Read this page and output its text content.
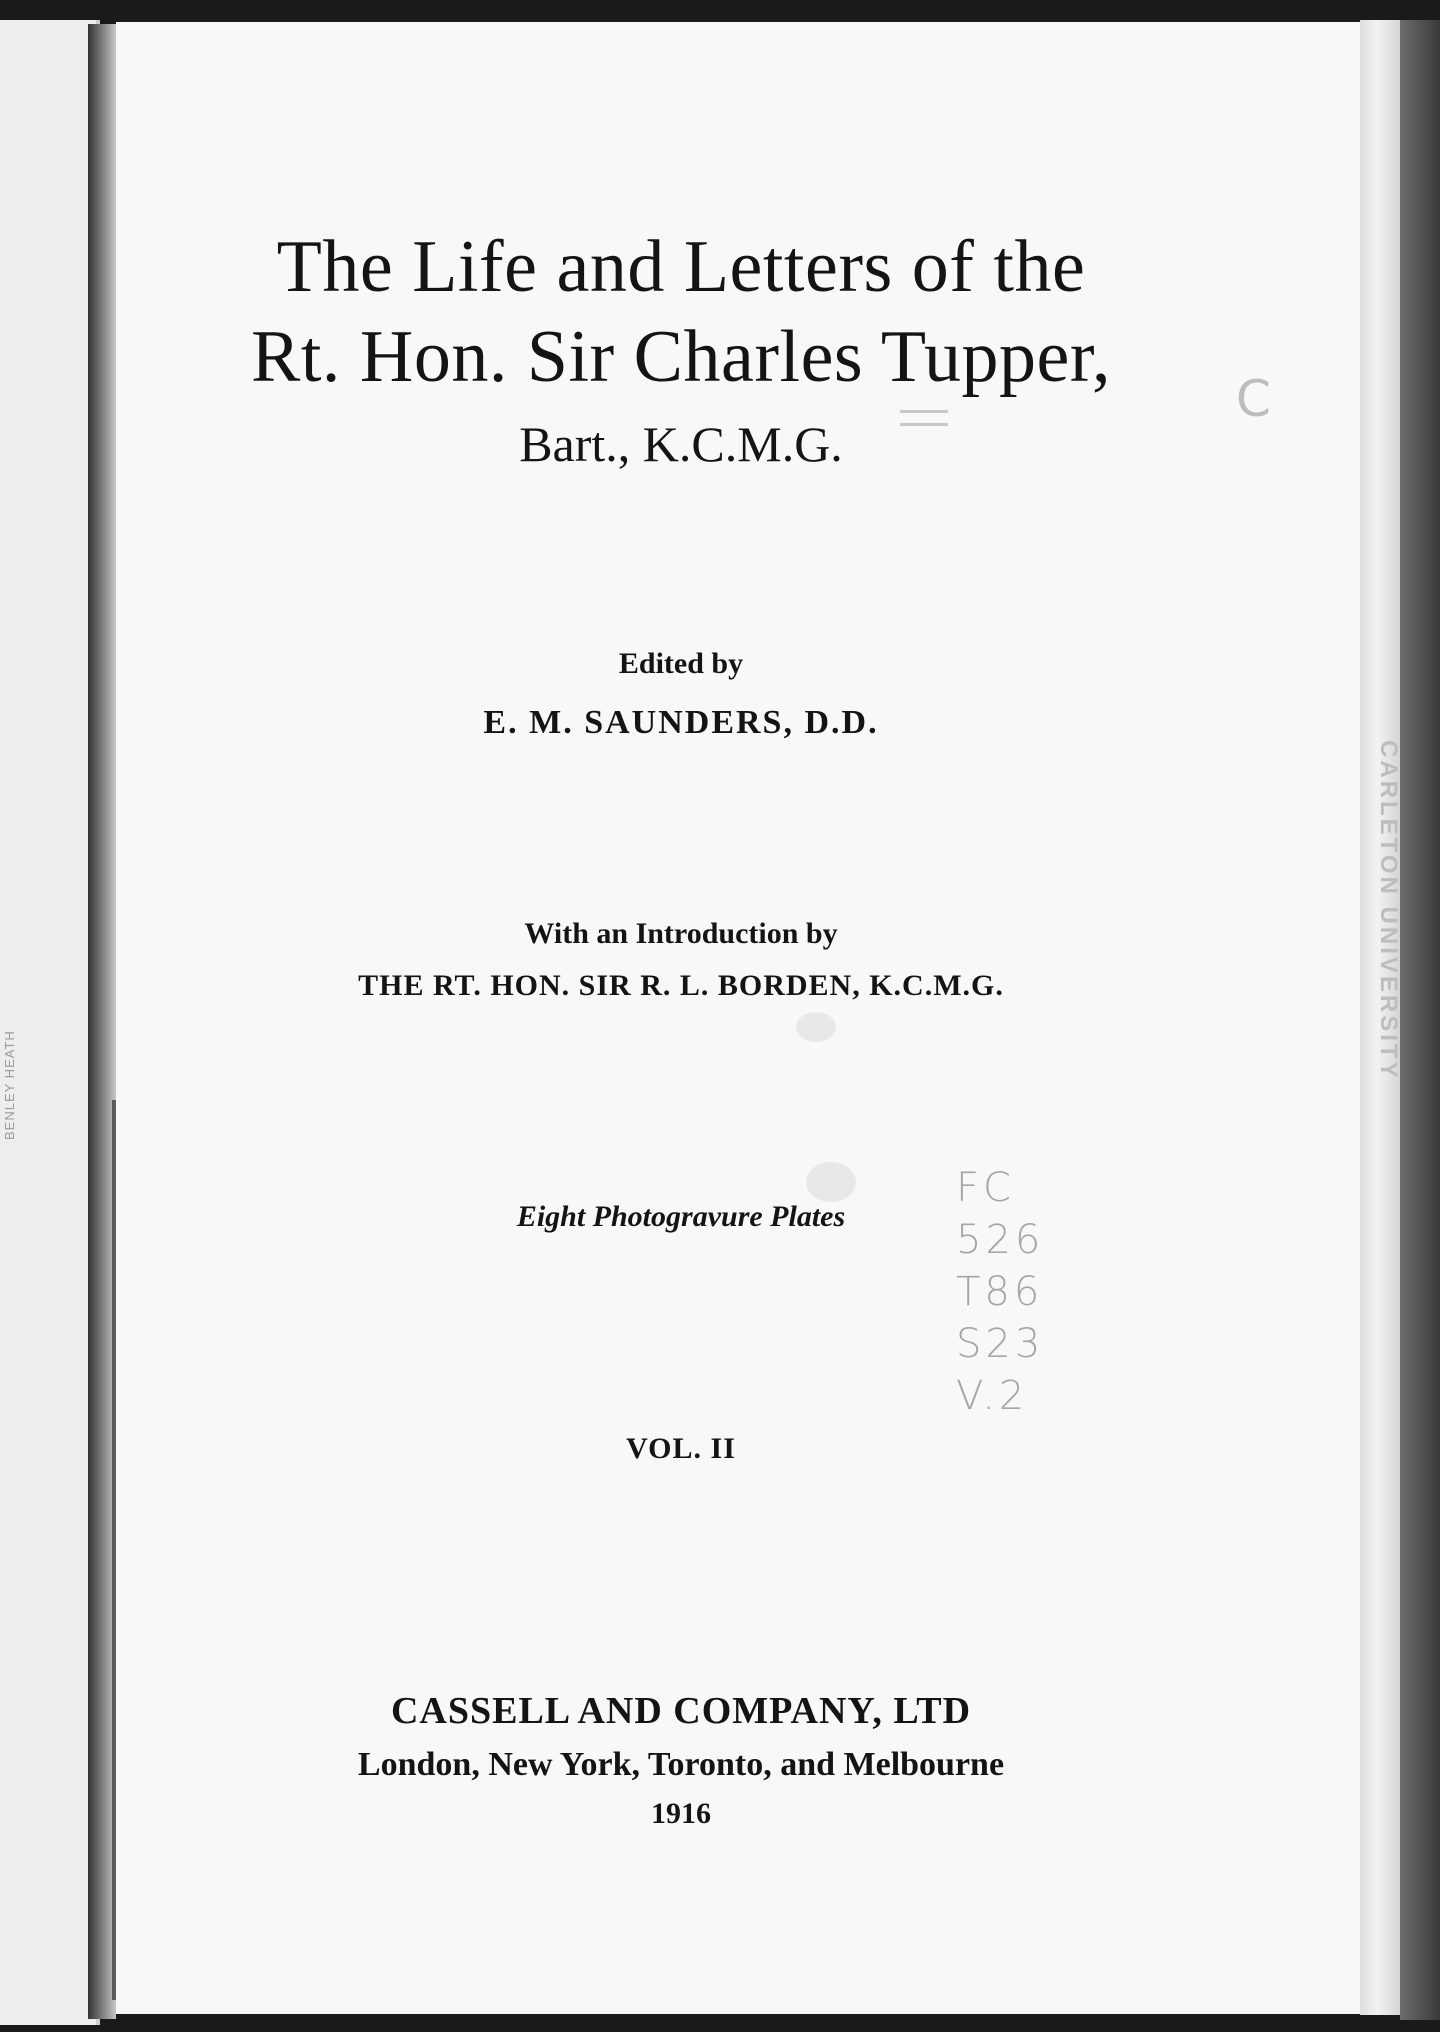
BENLEY HEATH
CARLETON UNIVERSITY
The Life and Letters of the
Rt. Hon. Sir Charles Tupper,
Bart., K.C.M.G.
Edited by
E. M. SAUNDERS, D.D.
With an Introduction by
THE RT. HON. SIR R. L. BORDEN, K.C.M.G.
Eight Photogravure Plates
VOL. II
CASSELL AND COMPANY, LTD
London, New York, Toronto, and Melbourne
1916
FC
526
T86
S23
V.2
C
